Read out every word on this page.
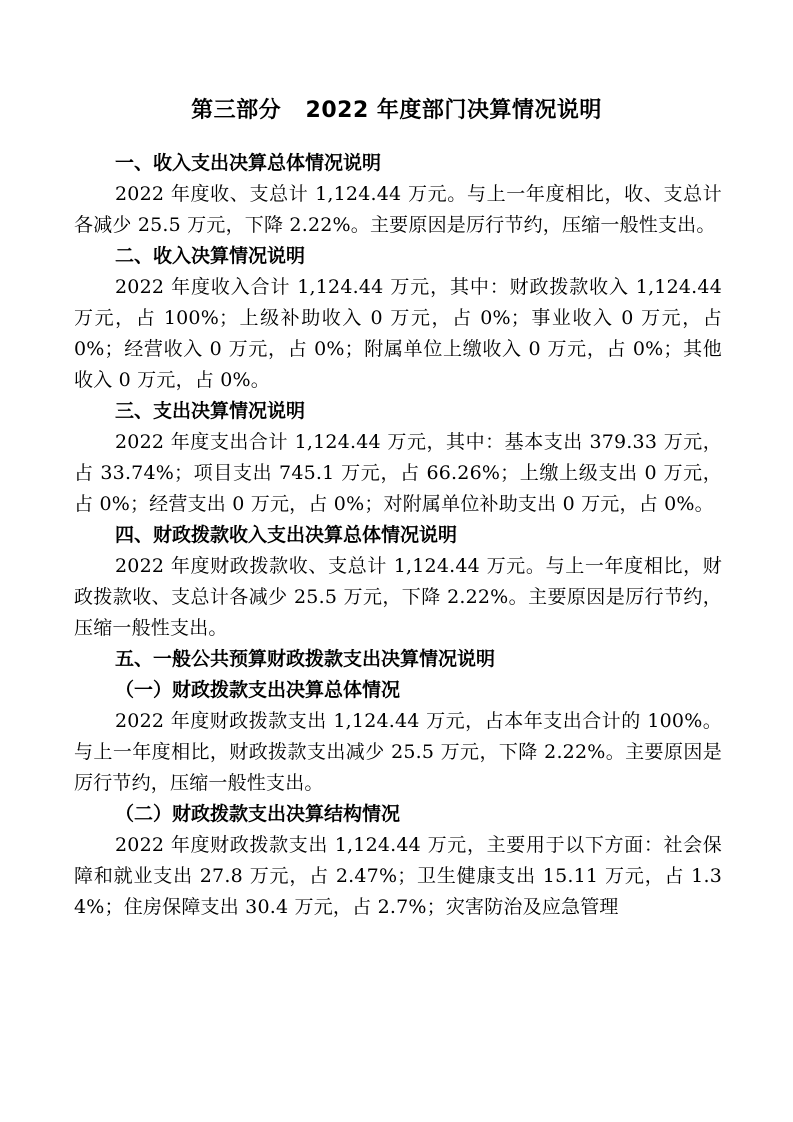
第三部分   2022 年度部门决算情况说明
一、收入支出决算总体情况说明
2022 年度收、支总计 1,124.44 万元。与上一年度相比，收、支总计各减少 25.5 万元，下降 2.22%。主要原因是厉行节约，压缩一般性支出。
二、收入决算情况说明
2022 年度收入合计 1,124.44 万元，其中：财政拨款收入 1,124.44 万元，占 100%；上级补助收入 0 万元，占 0%；事业收入 0 万元，占 0%；经营收入 0 万元，占 0%；附属单位上缴收入 0 万元，占 0%；其他收入 0 万元，占 0%。
三、支出决算情况说明
2022 年度支出合计 1,124.44 万元，其中：基本支出 379.33 万元，占 33.74%；项目支出 745.1 万元，占 66.26%；上缴上级支出 0 万元，占 0%；经营支出 0 万元，占 0%；对附属单位补助支出 0 万元，占 0%。
四、财政拨款收入支出决算总体情况说明
2022 年度财政拨款收、支总计 1,124.44 万元。与上一年度相比，财政拨款收、支总计各减少 25.5 万元，下降 2.22%。主要原因是厉行节约，压缩一般性支出。
五、一般公共预算财政拨款支出决算情况说明
（一）财政拨款支出决算总体情况
2022 年度财政拨款支出 1,124.44 万元，占本年支出合计的 100%。与上一年度相比，财政拨款支出减少 25.5 万元，下降 2.22%。主要原因是厉行节约，压缩一般性支出。
（二）财政拨款支出决算结构情况
2022 年度财政拨款支出 1,124.44 万元，主要用于以下方面：社会保障和就业支出 27.8 万元，占 2.47%；卫生健康支出 15.11 万元，占 1.34%；住房保障支出 30.4 万元，占 2.7%；灾害防治及应急管理
